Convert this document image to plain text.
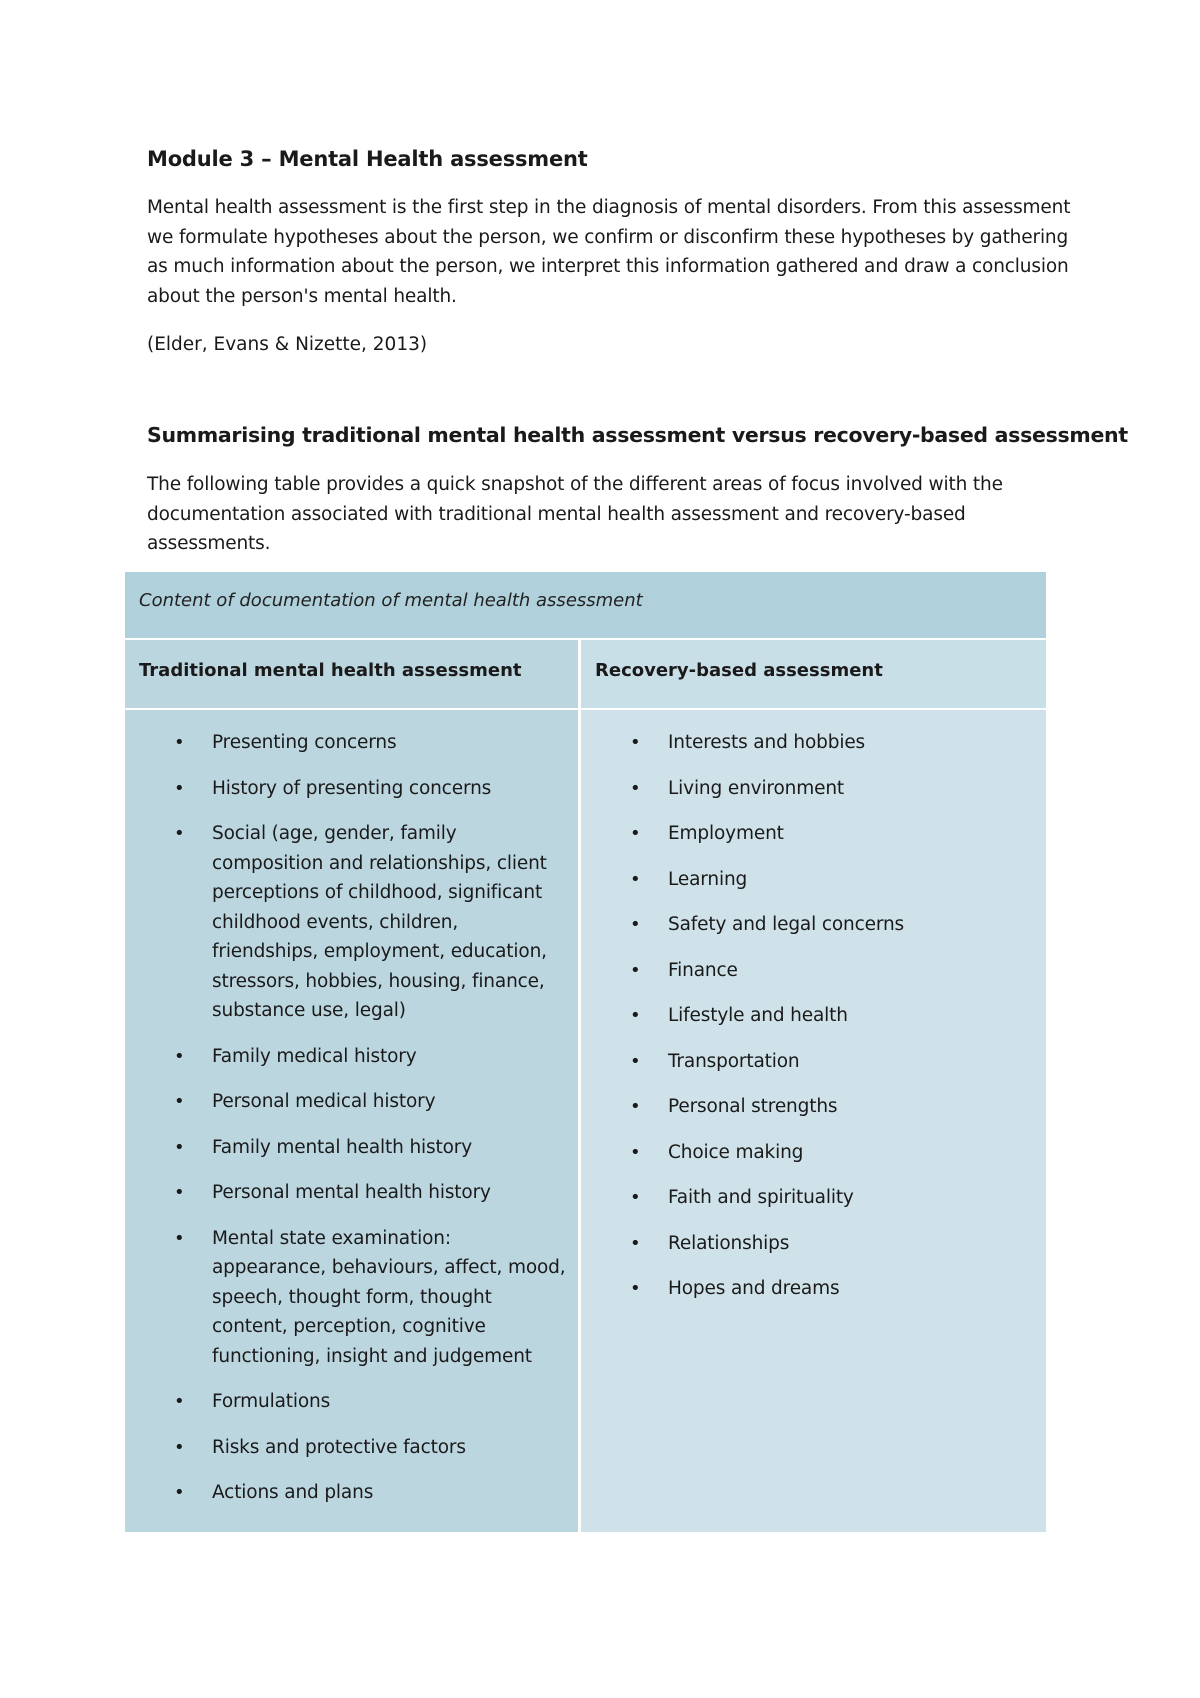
Module 3 – Mental Health assessment

Mental health assessment is the first step in the diagnosis of mental disorders. From this assessment we formulate hypotheses about the person, we confirm or disconfirm these hypotheses by gathering as much information about the person, we interpret this information gathered and draw a conclusion about the person's mental health.

(Elder, Evans & Nizette, 2013)

Summarising traditional mental health assessment versus recovery-based assessment

The following table provides a quick snapshot of the different areas of focus involved with the documentation associated with traditional mental health assessment and recovery-based assessments.

Content of documentation of mental health assessment
Traditional mental health assessment	Recovery-based assessment
• Presenting concerns
• History of presenting concerns
• Social (age, gender, family composition and relationships, client perceptions of childhood, significant childhood events, children, friendships, employment, education, stressors, hobbies, housing, finance, substance use, legal)
• Family medical history
• Personal medical history
• Family mental health history
• Personal mental health history
• Mental state examination: appearance, behaviours, affect, mood, speech, thought form, thought content, perception, cognitive functioning, insight and judgement
• Formulations
• Risks and protective factors
• Actions and plans
• Interests and hobbies
• Living environment
• Employment
• Learning
• Safety and legal concerns
• Finance
• Lifestyle and health
• Transportation
• Personal strengths
• Choice making
• Faith and spirituality
• Relationships
• Hopes and dreams
